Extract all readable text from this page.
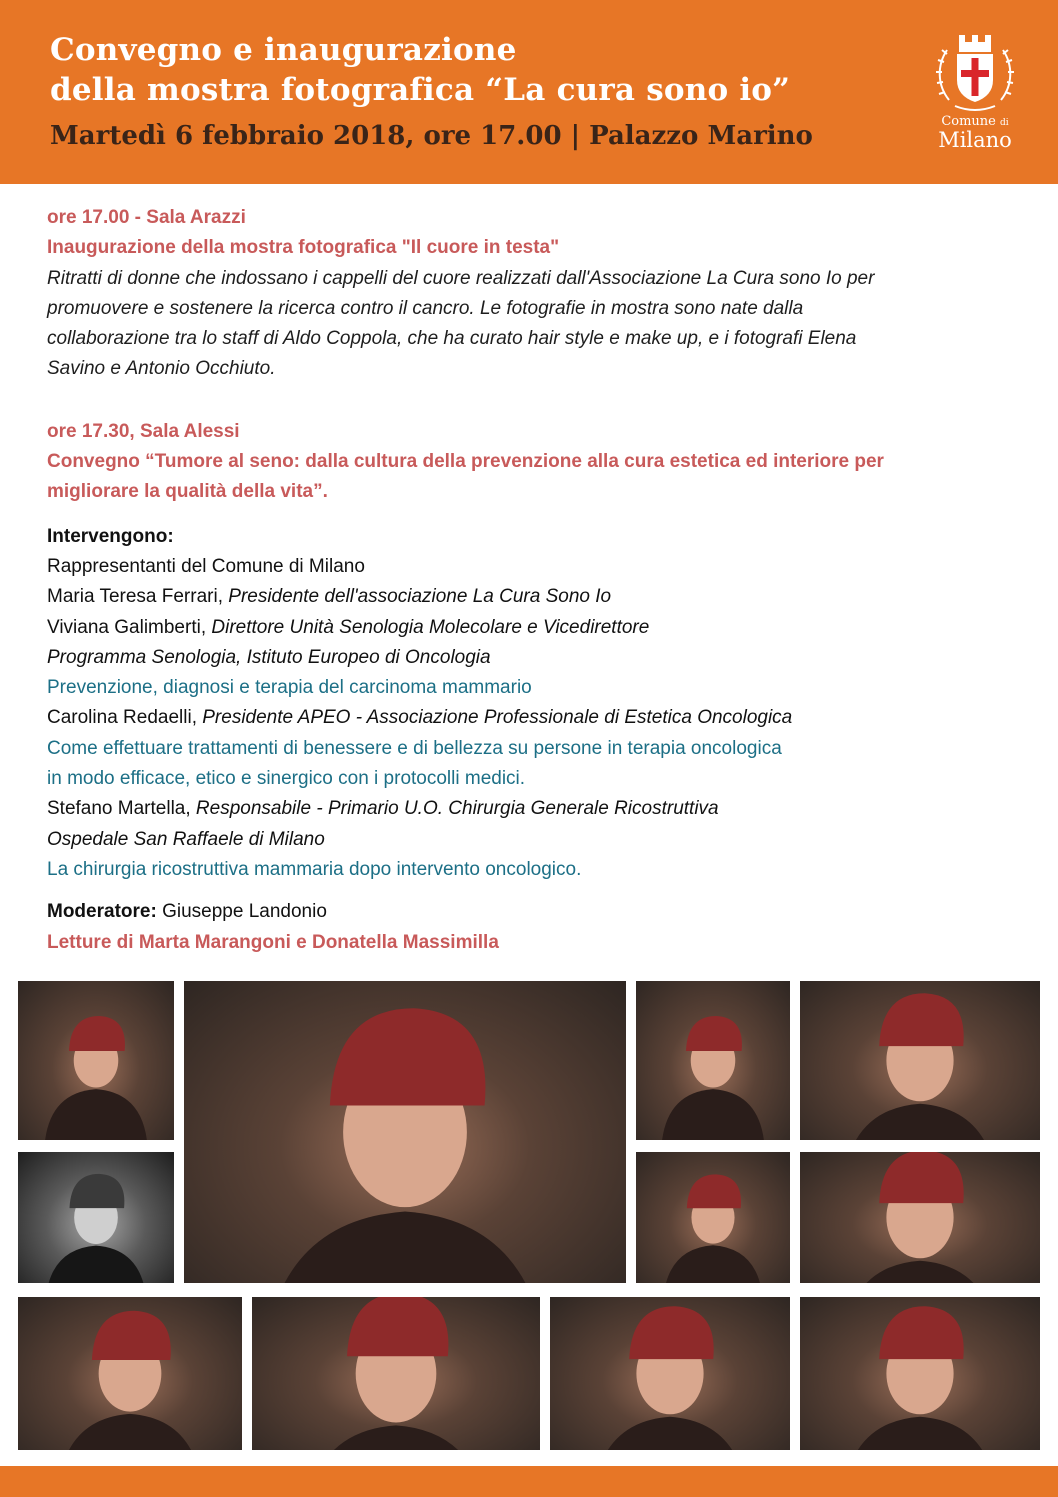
Convegno e inaugurazione
della mostra fotografica “La cura sono io”
Martedì 6 febbraio 2018, ore 17.00 | Palazzo Marino	Comune di
Milano

ore 17.00 - Sala Arazzi

Inaugurazione della mostra fotografica "Il cuore in testa"

Ritratti di donne che indossano i cappelli del cuore realizzati dall'Associazione La Cura sono Io per

promuovere e sostenere la ricerca contro il cancro. Le fotografie in mostra sono nate dalla

collaborazione tra lo staff di Aldo Coppola, che ha curato hair style e make up, e i fotografi Elena

Savino e Antonio Occhiuto.

ore 17.30, Sala Alessi

Convegno “Tumore al seno: dalla cultura della prevenzione alla cura estetica ed interiore per

migliorare la qualità della vita”.

Intervengono:

Rappresentanti del Comune di Milano

Maria Teresa Ferrari, Presidente dell'associazione La Cura Sono Io

Viviana Galimberti, Direttore Unità Senologia Molecolare e Vicedirettore

Programma Senologia, Istituto Europeo di Oncologia

Prevenzione, diagnosi e terapia del carcinoma mammario

Carolina Redaelli, Presidente APEO - Associazione Professionale di Estetica Oncologica

Come effettuare trattamenti di benessere e di bellezza su persone in terapia oncologica

in modo efficace, etico e sinergico con i protocolli medici.

Stefano Martella, Responsabile - Primario U.O. Chirurgia Generale Ricostruttiva

Ospedale San Raffaele di Milano

La chirurgia ricostruttiva mammaria dopo intervento oncologico.

Moderatore: Giuseppe Landonio

Letture di Marta Marangoni e Donatella Massimilla
